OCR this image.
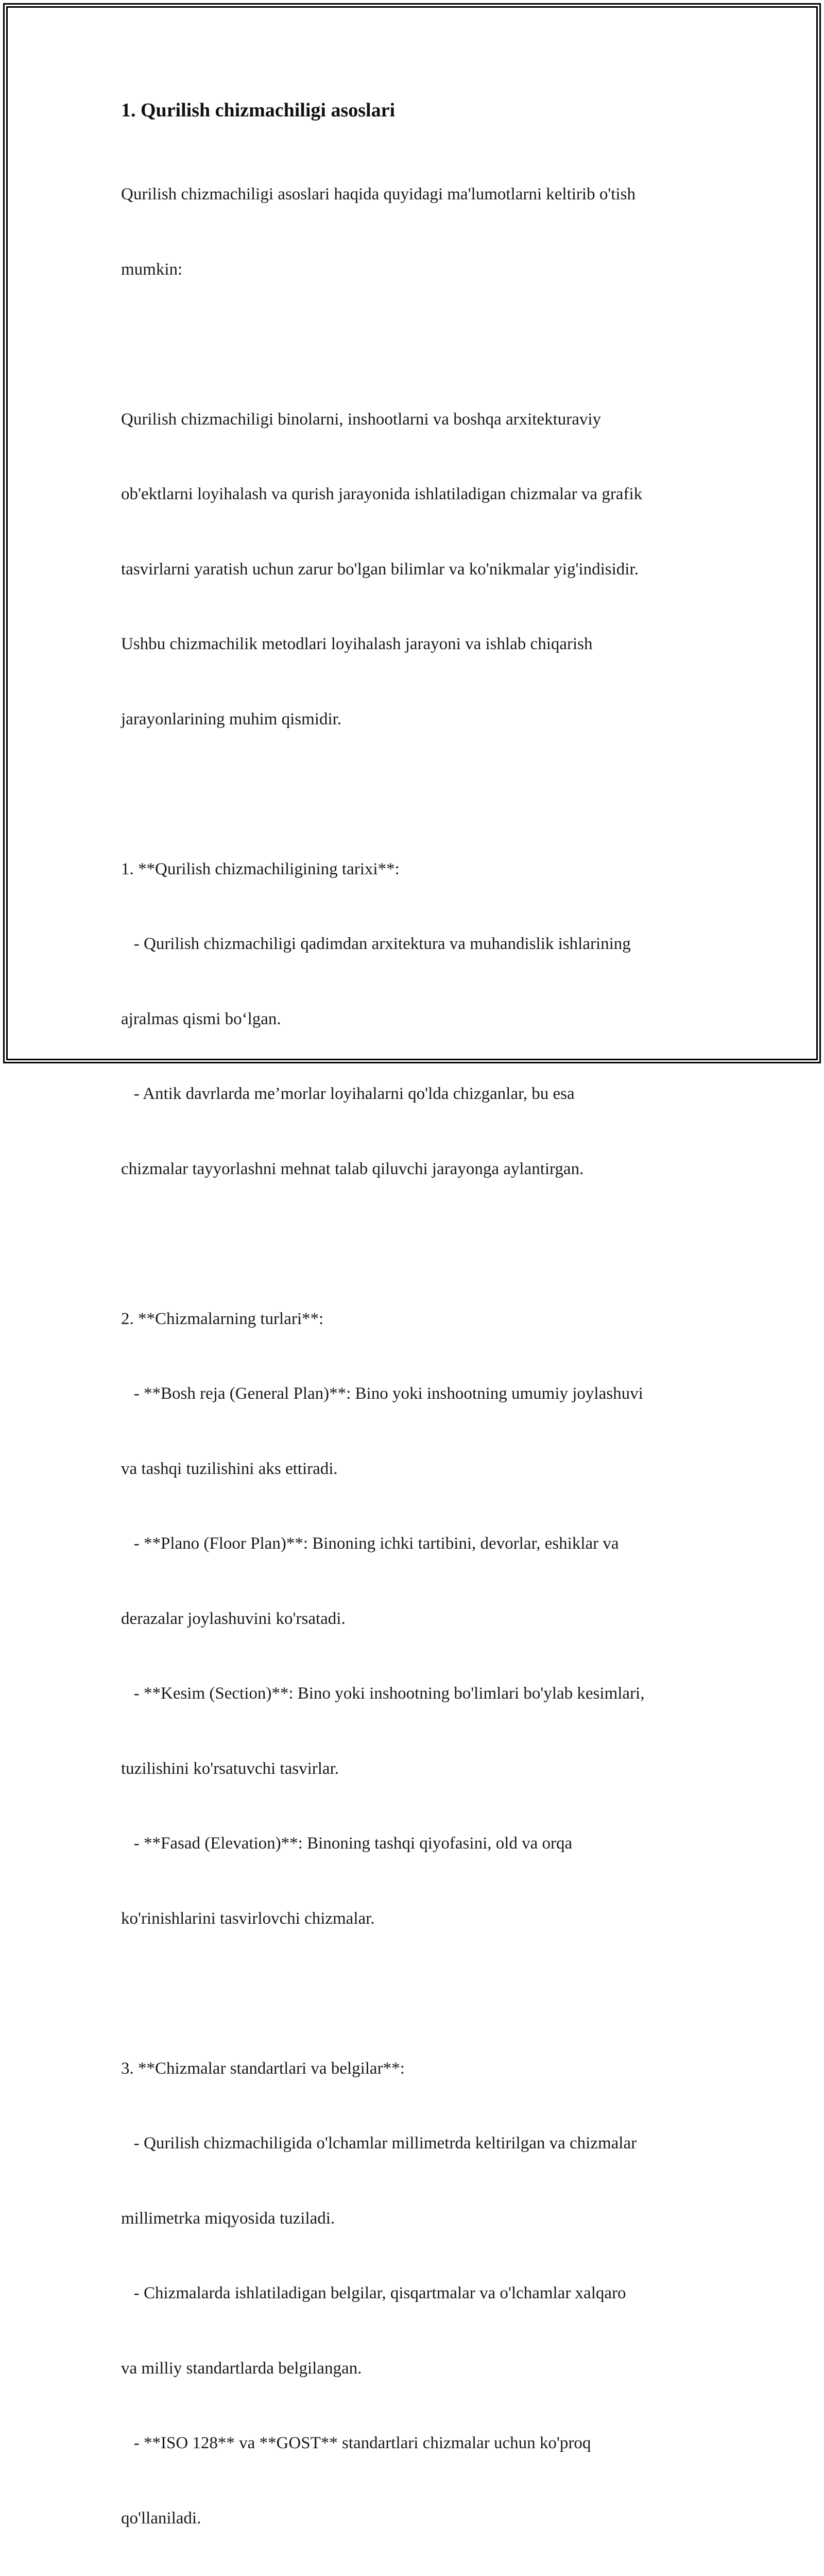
1. Qurilish chizmachiligi asoslari

Qurilish chizmachiligi asoslari haqida quyidagi ma'lumotlarni keltirib o'tish

mumkin:

Qurilish chizmachiligi binolarni, inshootlarni va boshqa arxitekturaviy

ob'ektlarni loyihalash va qurish jarayonida ishlatiladigan chizmalar va grafik

tasvirlarni yaratish uchun zarur bo'lgan bilimlar va ko'nikmalar yig'indisidir.

Ushbu chizmachilik metodlari loyihalash jarayoni va ishlab chiqarish

jarayonlarining muhim qismidir.

1. **Qurilish chizmachiligining tarixi**:

- Qurilish chizmachiligi qadimdan arxitektura va muhandislik ishlarining

ajralmas qismi bo‘lgan.

- Antik davrlarda me’morlar loyihalarni qo'lda chizganlar, bu esa

chizmalar tayyorlashni mehnat talab qiluvchi jarayonga aylantirgan.

2. **Chizmalarning turlari**:

- **Bosh reja (General Plan)**: Bino yoki inshootning umumiy joylashuvi

va tashqi tuzilishini aks ettiradi.

- **Plano (Floor Plan)**: Binoning ichki tartibini, devorlar, eshiklar va

derazalar joylashuvini ko'rsatadi.

- **Kesim (Section)**: Bino yoki inshootning bo'limlari bo'ylab kesimlari,

tuzilishini ko'rsatuvchi tasvirlar.

- **Fasad (Elevation)**: Binoning tashqi qiyofasini, old va orqa

ko'rinishlarini tasvirlovchi chizmalar.

3. **Chizmalar standartlari va belgilar**:

- Qurilish chizmachiligida o'lchamlar millimetrda keltirilgan va chizmalar

millimetrka miqyosida tuziladi.

- Chizmalarda ishlatiladigan belgilar, qisqartmalar va o'lchamlar xalqaro

va milliy standartlarda belgilangan.

- **ISO 128** va **GOST** standartlari chizmalar uchun ko'proq

qo'llaniladi.
